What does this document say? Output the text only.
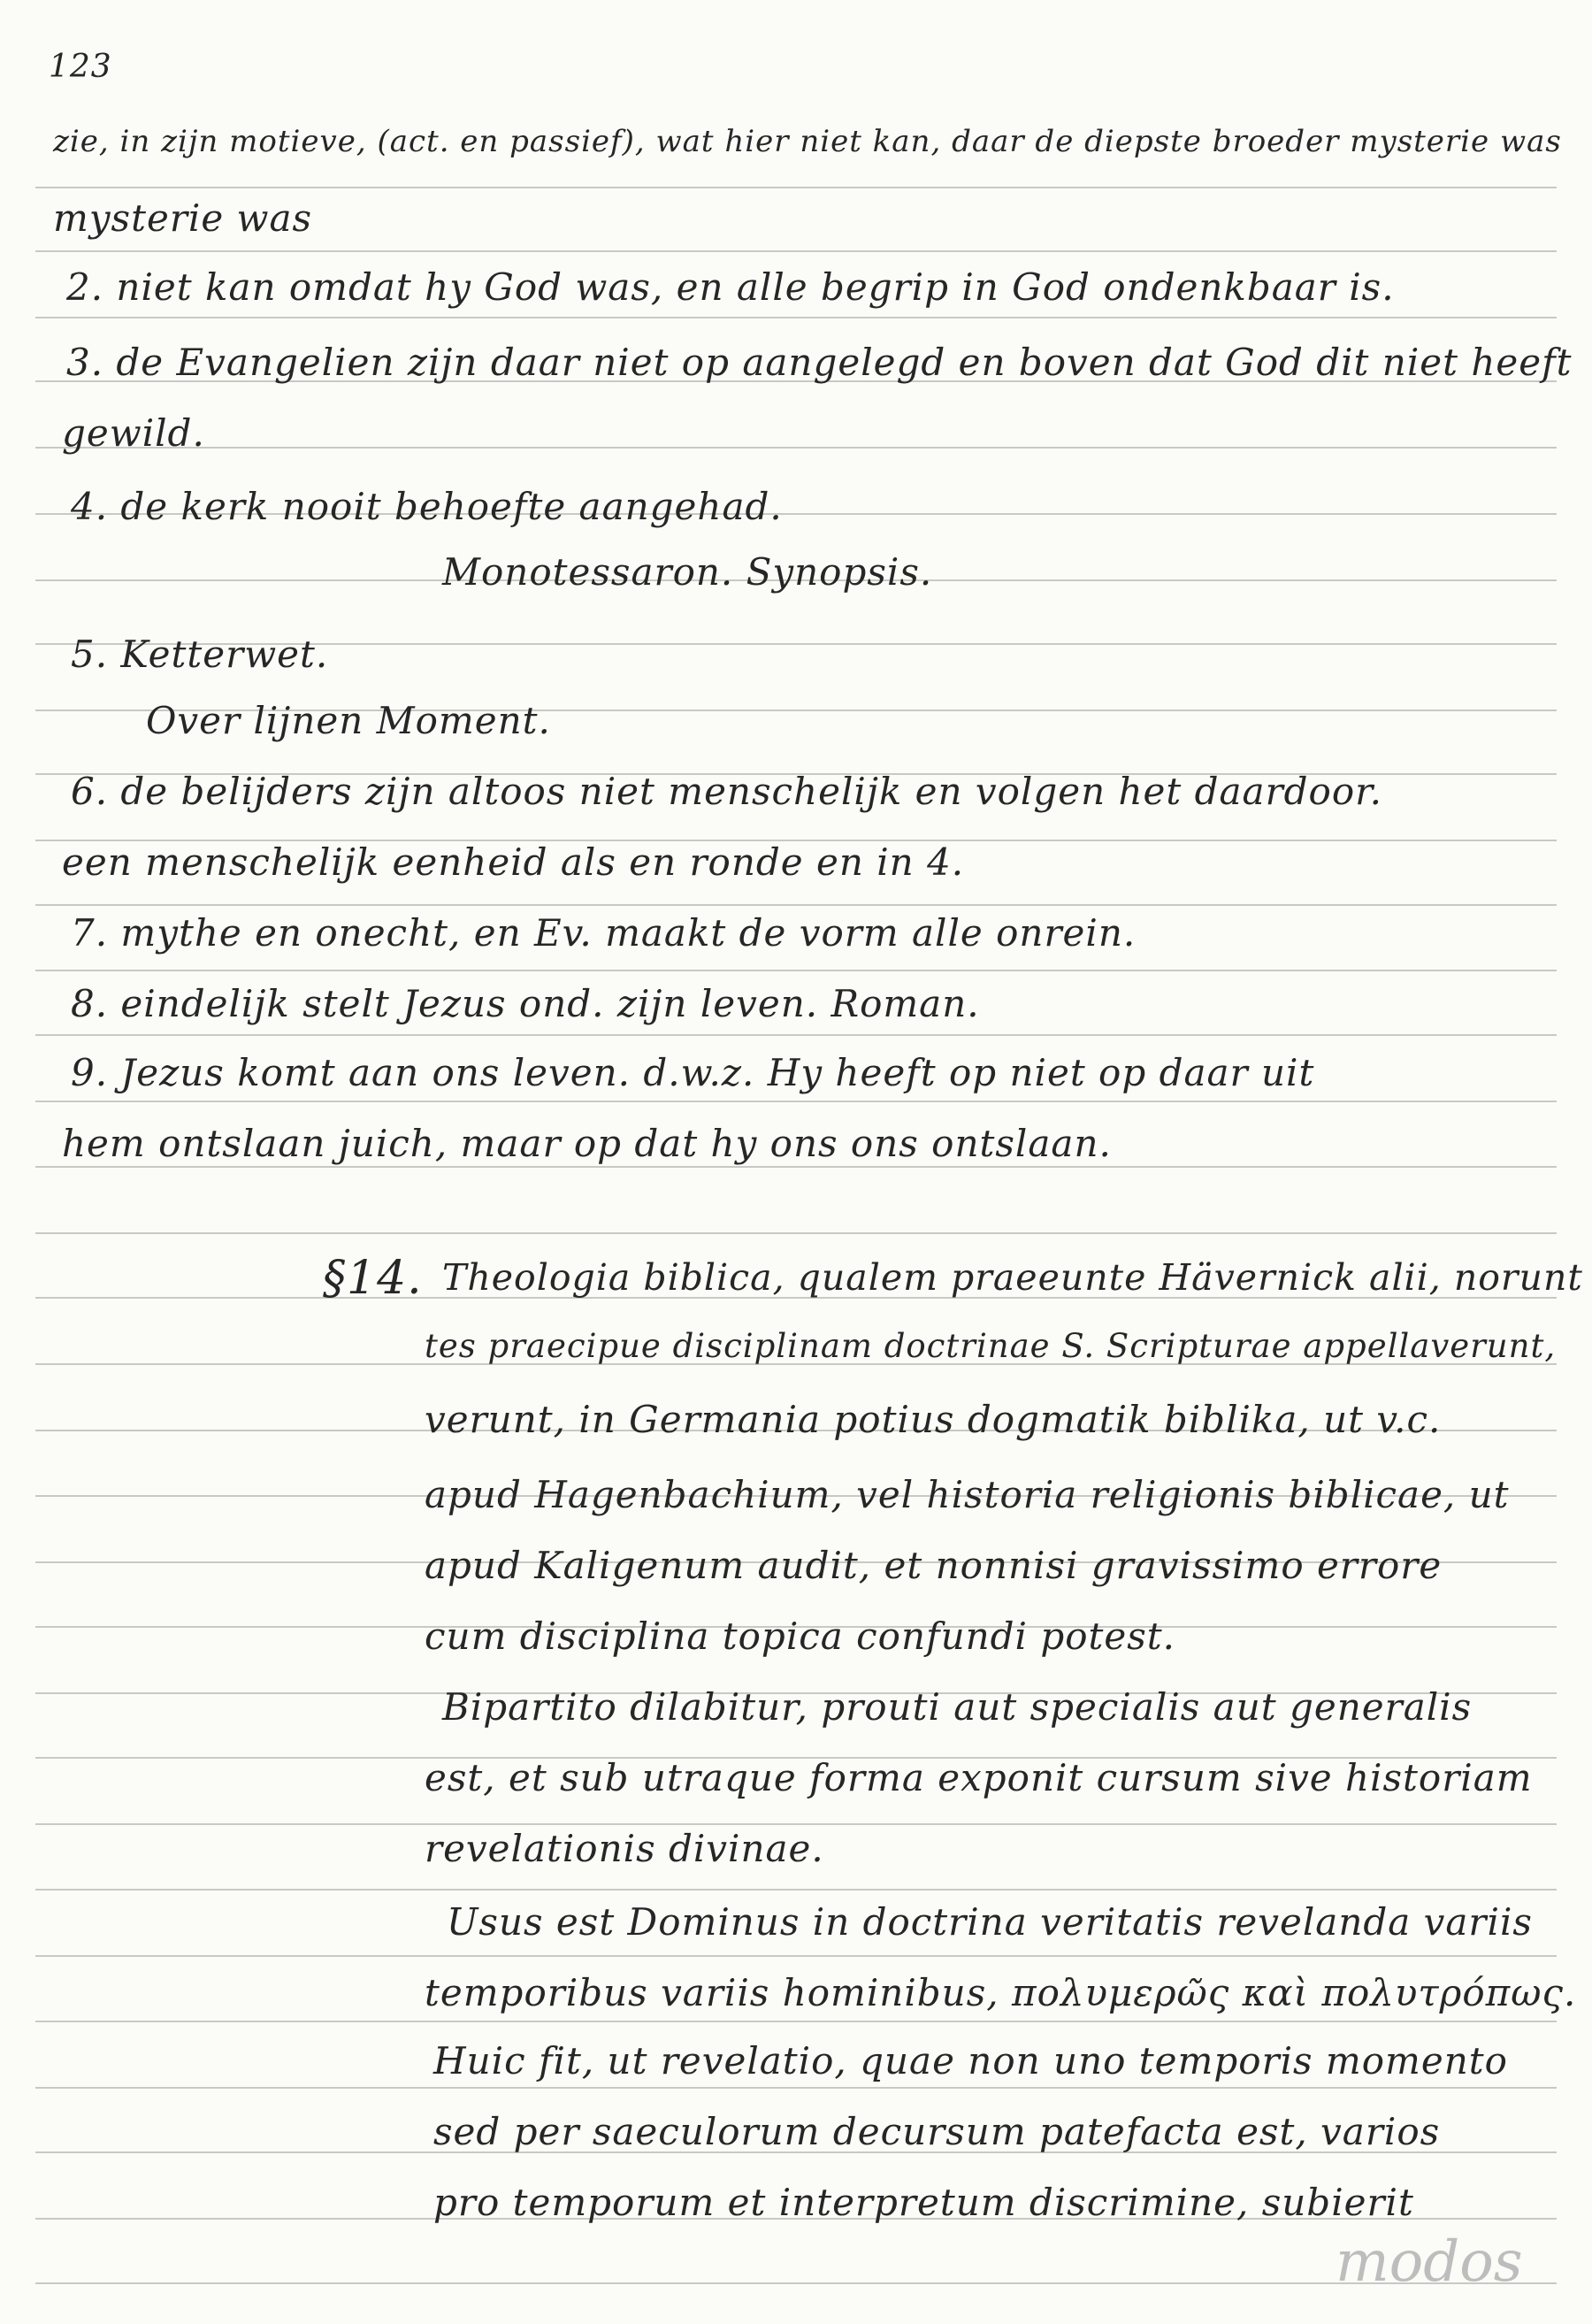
123
zie, in zijn motieve, (act. en passief), wat hier niet kan, daar de diepste broeder mysterie was
mysterie was
2. niet kan omdat hy God was, en alle begrip in God ondenkbaar is.
3. de Evangelien zijn daar niet op aangelegd en boven dat God dit niet heeft
gewild.
4. de kerk nooit behoefte aangehad.
Monotessaron. Synopsis.
5. Ketterwet.
Over lijnen Moment.
6. de belijders zijn altoos niet menschelijk en volgen het daardoor.
een menschelijk eenheid als en ronde en in 4.
7. mythe en onecht, en Ev. maakt de vorm alle onrein.
8. eindelijk stelt Jezus ond. zijn leven. Roman.
9. Jezus komt aan ons leven. d.w.z. Hy heeft op niet op daar uit
hem ontslaan juich, maar op dat hy ons ons ontslaan.
§14. Theologia biblica, qualem praeeunte Hävernick alii, norunt
tes praecipue disciplinam doctrinae S. Scripturae appellaverunt,
verunt, in Germania potius dogmatik biblika, ut v.c.
apud Hagenbachium, vel historia religionis biblicae, ut
apud Kaligenum audit, et nonnisi gravissimo errore
cum disciplina topica confundi potest.
Bipartito dilabitur, prouti aut specialis aut generalis
est, et sub utraque forma exponit cursum sive historiam
revelationis divinae.
Usus est Dominus in doctrina veritatis revelanda variis
temporibus variis hominibus, πολυμερῶς καὶ πολυτρόπως.
Huic fit, ut revelatio, quae non uno temporis momento
sed per saeculorum decursum patefacta est, varios
pro temporum et interpretum discrimine, subierit
modos
